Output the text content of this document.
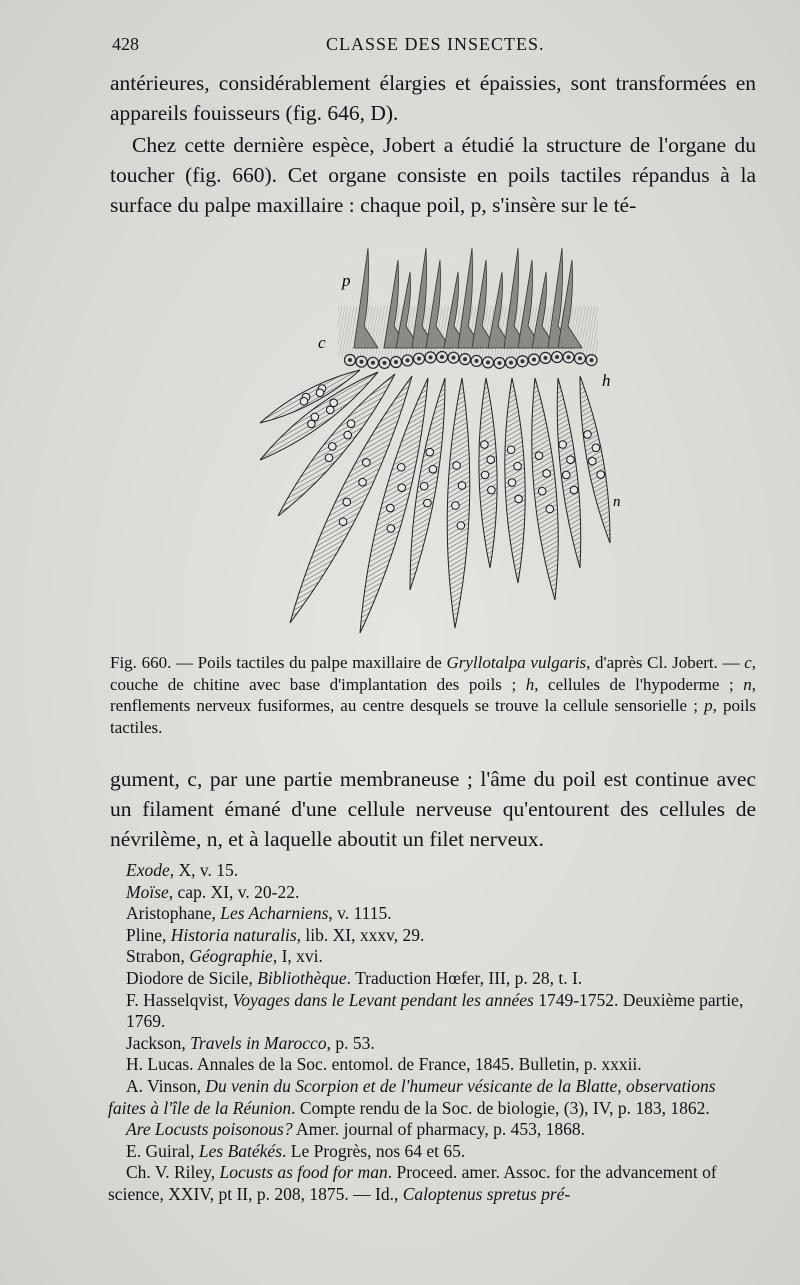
428	CLASSE DES INSECTES.

antérieures, considérablement élargies et épaissies, sont transformées en appareils fouisseurs (fig. 646, D).

Chez cette dernière espèce, Jobert a étudié la structure de l'organe du toucher (fig. 660). Cet organe consiste en poils tactiles répandus à la surface du palpe maxillaire : chaque poil, p, s'insère sur le té-

p
c
h
n
Fig. 660. — Poils tactiles du palpe maxillaire de Gryllotalpa vulgaris, d'après Cl. Jobert. — c, couche de chitine avec base d'implantation des poils ; h, cellules de l'hypoderme ; n, renflements nerveux fusiformes, au centre desquels se trouve la cellule sensorielle ; p, poils tactiles.

gument, c, par une partie membraneuse ; l'âme du poil est continue avec un filament émané d'une cellule nerveuse qu'entourent des cellules de névrilème, n, et à laquelle aboutit un filet nerveux.

Exode, X, v. 15.

Moïse, cap. XI, v. 20-22.

Aristophane, Les Acharniens, v. 1115.

Pline, Historia naturalis, lib. XI, xxxv, 29.

Strabon, Géographie, I, xvi.

Diodore de Sicile, Bibliothèque. Traduction Hœfer, III, p. 28, t. I.

F. Hasselqvist, Voyages dans le Levant pendant les années 1749-1752. Deuxième partie, 1769.

Jackson, Travels in Marocco, p. 53.

H. Lucas. Annales de la Soc. entomol. de France, 1845. Bulletin, p. xxxii.

A. Vinson, Du venin du Scorpion et de l'humeur vésicante de la Blatte, observations faites à l'île de la Réunion. Compte rendu de la Soc. de biologie, (3), IV, p. 183, 1862.

Are Locusts poisonous? Amer. journal of pharmacy, p. 453, 1868.

E. Guiral, Les Batékés. Le Progrès, nos 64 et 65.

Ch. V. Riley, Locusts as food for man. Proceed. amer. Assoc. for the advancement of science, XXIV, pt II, p. 208, 1875. — Id., Caloptenus spretus pré-
